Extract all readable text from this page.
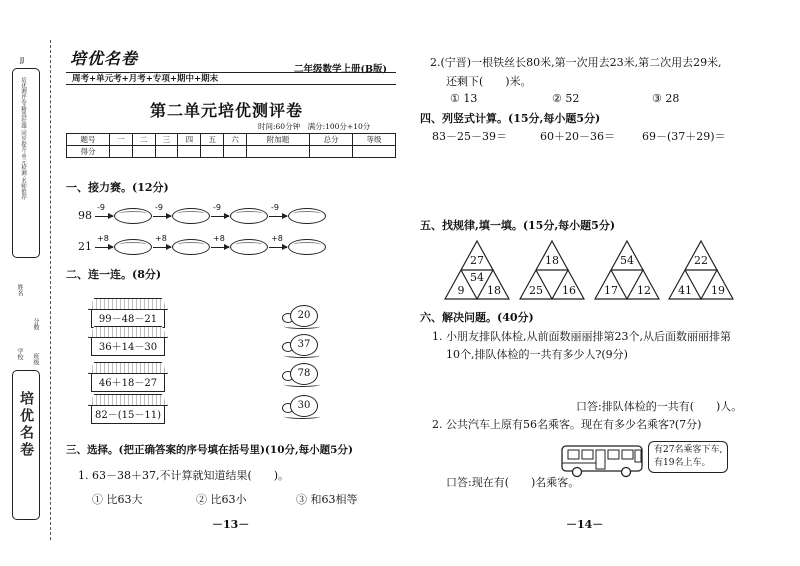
JJ
培优测评卷·精选好题·同步提升·单元检测·名师推荐
姓名
分数
学校 班级
培优名卷
培优名卷
周考+单元考+月考+专项+期中+期末
二年级数学上册(B版)
第二单元培优测评卷
时间:60分钟　满分:100分+10分
题号	一	二	三	四	五	六	附加题	总分	等级
得分									
一、接力赛。(12分)
98
-9	-9	-9	-9
21
+8	+8	+8	+8
二、连一连。(8分)
99－48－21
36＋14－30
46＋18－27
82－(15－11)
20
37
78
30
三、选择。(把正确答案的序号填在括号里)(10分,每小题5分)
1. 63－38＋37,不计算就知道结果(　　)。
① 比63大	② 比63小	③ 和63相等
－13－
2.(宁晋)一根铁丝长80米,第一次用去23米,第二次用去29米,
还剩下(　　)米。
① 13	② 52	③ 28
四、列竖式计算。(15分,每小题5分)
83－25－39＝	60＋20－36＝ 69－(37＋29)＝
五、找规律,填一填。(15分,每小题5分)
27
54
9	18
18
25	16
54
17	12
22
41	19
六、解决问题。(40分)
1. 小朋友排队体检,从前面数丽丽排第23个,从后面数丽丽排第
10个,排队体检的一共有多少人?(9分)
口答:排队体检的一共有(　　)人。
2. 公共汽车上原有56名乘客。现在有多少名乘客?(7分)
有27名乘客下车,
有19名上车。
口答:现在有(　　)名乘客。
－14－
